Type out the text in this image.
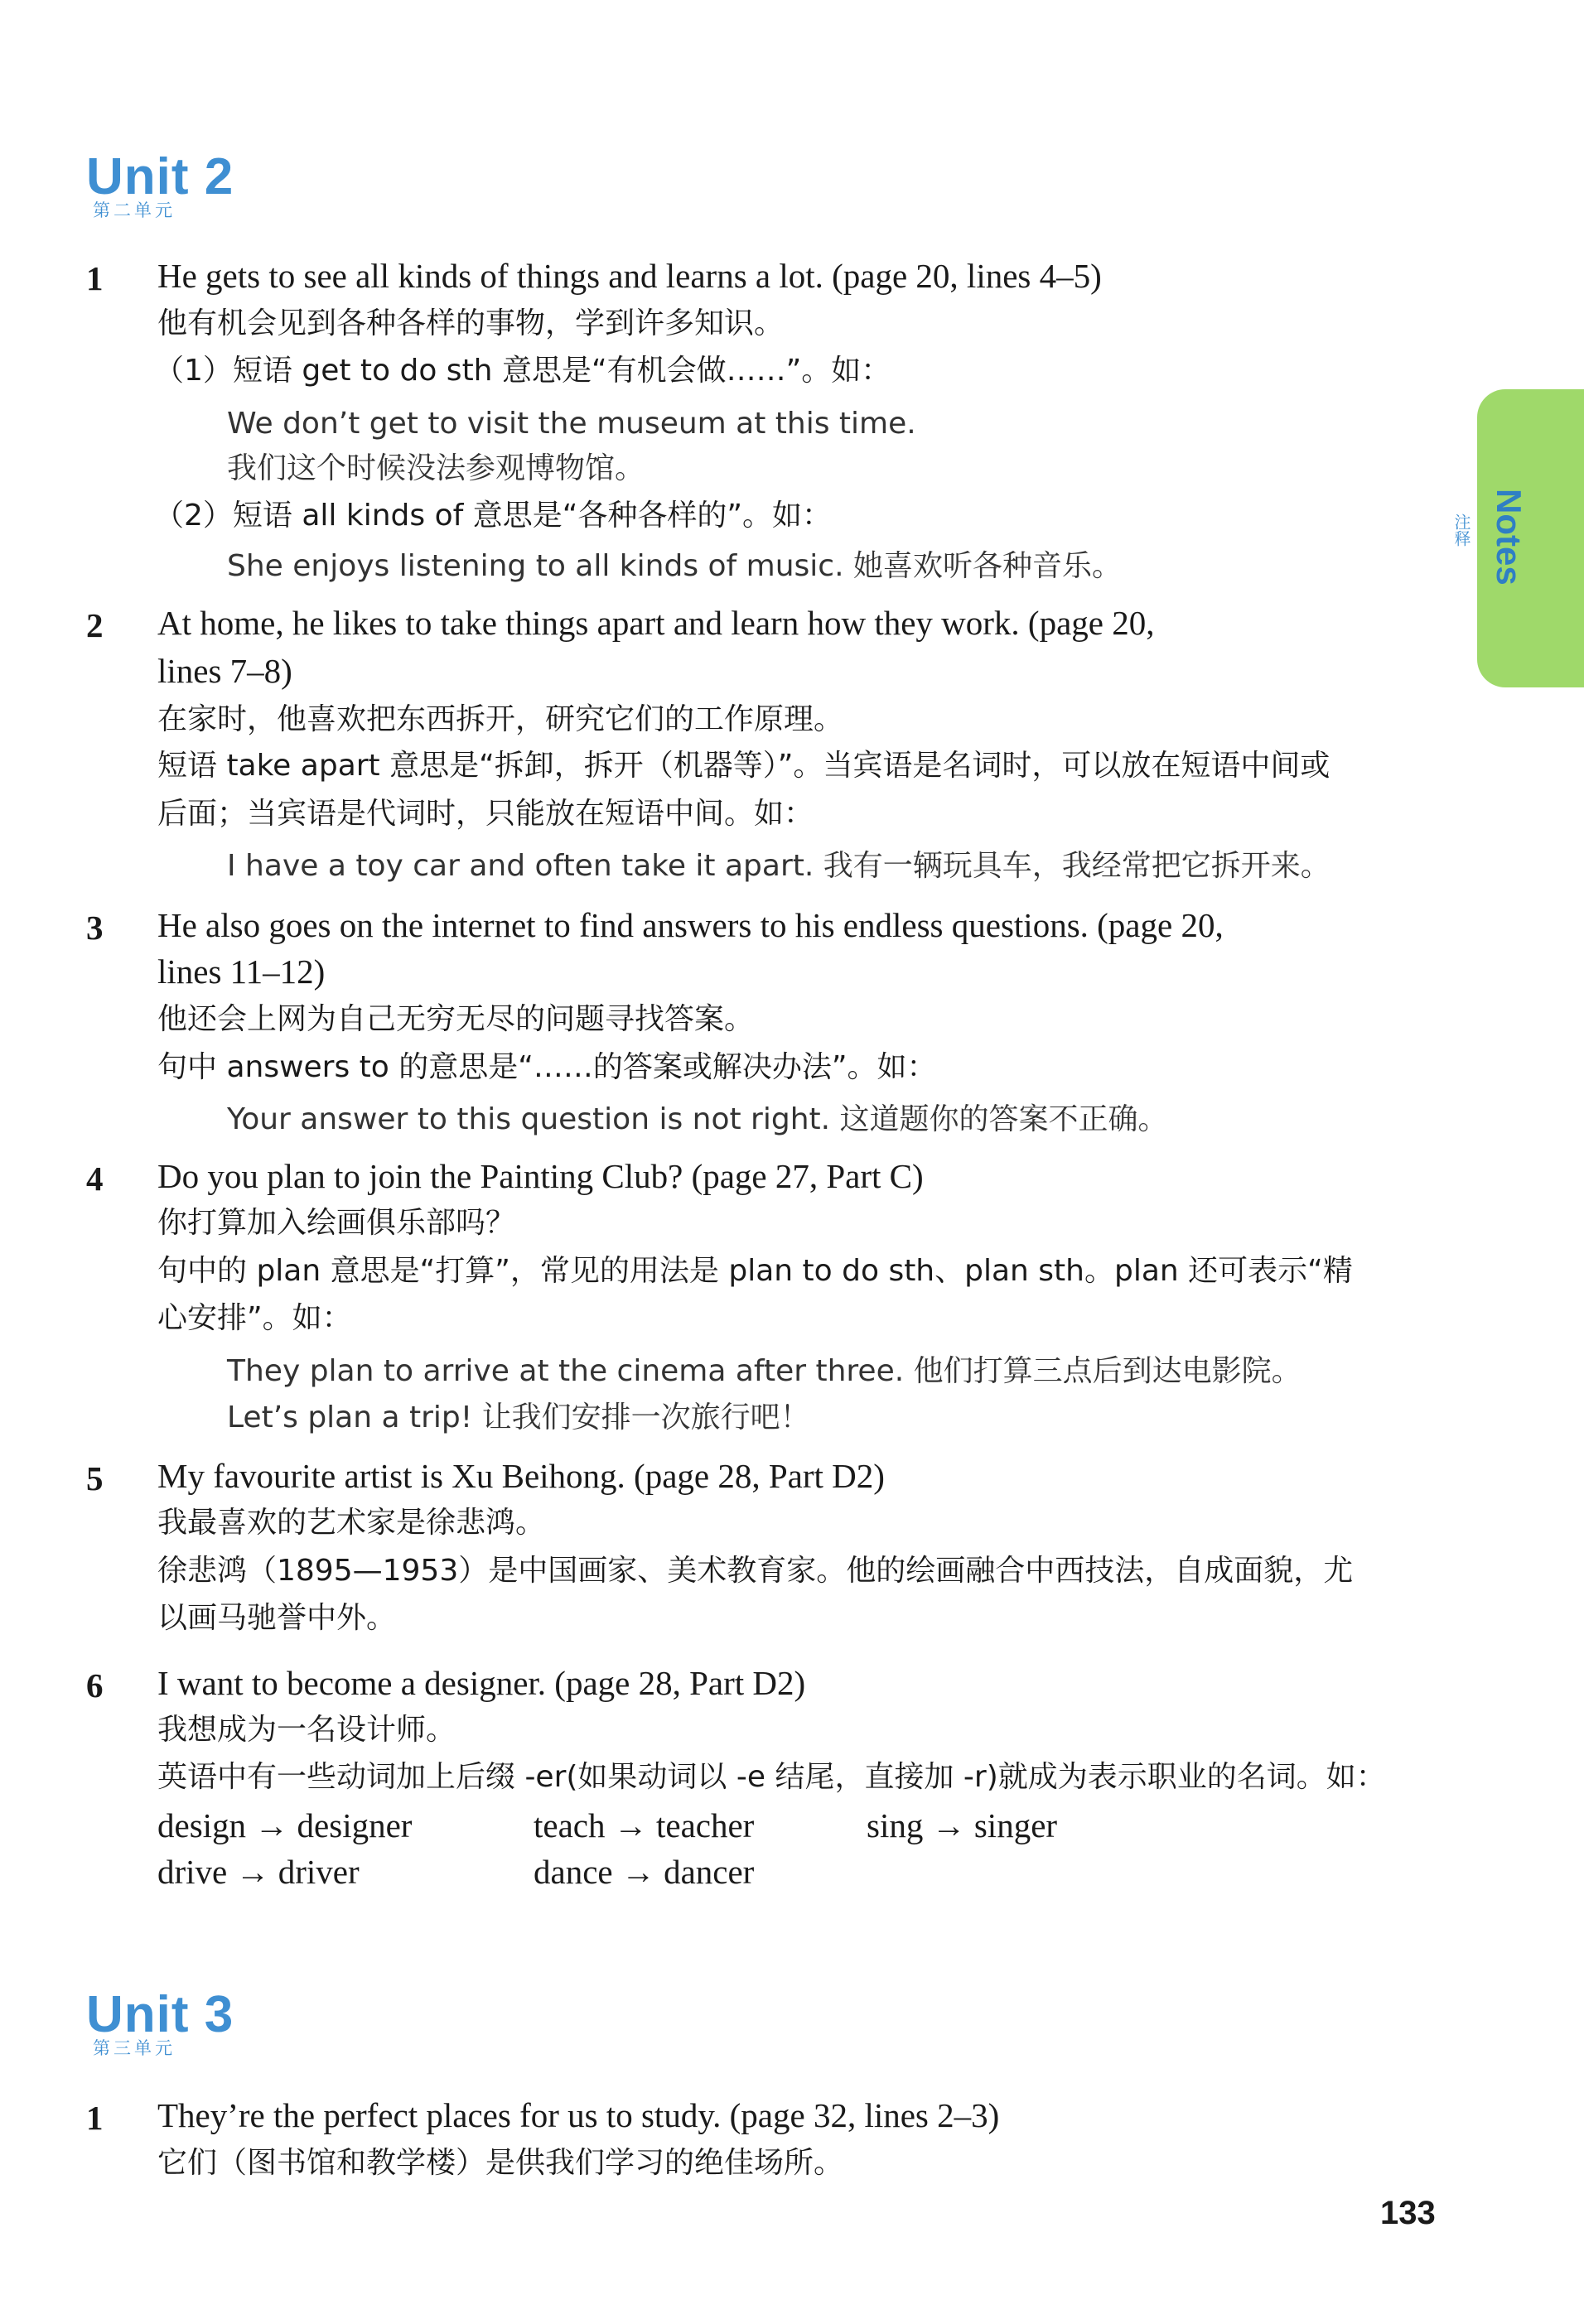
Unit 2
第二单元
1 He gets to see all kinds of things and learns a lot. (page 20, lines 4–5)
他有机会见到各种各样的事物，学到许多知识。
（1）短语 get to do sth 意思是“有机会做……”。如：
We don’t get to visit the museum at this time.
我们这个时候没法参观博物馆。
（2）短语 all kinds of 意思是“各种各样的”。如：
She enjoys listening to all kinds of music. 她喜欢听各种音乐。
2 At home, he likes to take things apart and learn how they work. (page 20,
lines 7–8)
在家时，他喜欢把东西拆开，研究它们的工作原理。
短语 take apart 意思是“拆卸，拆开（机器等）”。当宾语是名词时，可以放在短语中间或
后面；当宾语是代词时，只能放在短语中间。如：
I have a toy car and often take it apart. 我有一辆玩具车，我经常把它拆开来。
3 He also goes on the internet to find answers to his endless questions. (page 20,
lines 11–12)
他还会上网为自己无穷无尽的问题寻找答案。
句中 answers to 的意思是“……的答案或解决办法”。如：
Your answer to this question is not right. 这道题你的答案不正确。
4 Do you plan to join the Painting Club? (page 27, Part C)
你打算加入绘画俱乐部吗？
句中的 plan 意思是“打算”，常见的用法是 plan to do sth、plan sth。plan 还可表示“精
心安排”。如：
They plan to arrive at the cinema after three. 他们打算三点后到达电影院。
Let’s plan a trip! 让我们安排一次旅行吧！
5 My favourite artist is Xu Beihong. (page 28, Part D2)
我最喜欢的艺术家是徐悲鸿。
徐悲鸿（1895—1953）是中国画家、美术教育家。他的绘画融合中西技法，自成面貌，尤
以画马驰誉中外。
6 I want to become a designer. (page 28, Part D2)
我想成为一名设计师。
英语中有一些动词加上后缀 -er(如果动词以 -e 结尾，直接加 -r)就成为表示职业的名词。如：
design → designer	teach → teacher	sing → singer
drive → driver	dance → dancer
Unit 3
第三单元
1 They’re the perfect places for us to study. (page 32, lines 2–3)
它们（图书馆和教学楼）是供我们学习的绝佳场所。
Notes
注释
133
